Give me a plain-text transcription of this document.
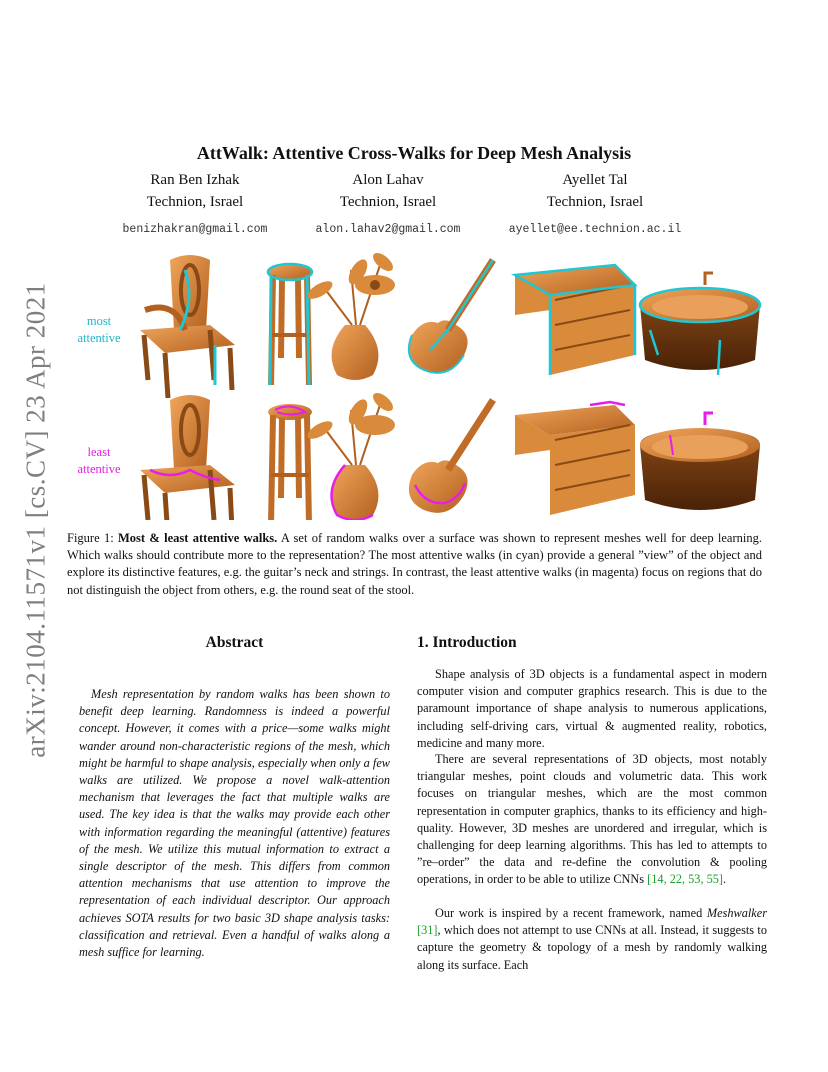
arXiv:2104.11571v1 [cs.CV] 23 Apr 2021
AttWalk: Attentive Cross-Walks for Deep Mesh Analysis
Ran Ben Izhak
Technion, Israel
benizhakran@gmail.com
Alon Lahav
Technion, Israel
alon.lahav2@gmail.com
Ayellet Tal
Technion, Israel
ayellet@ee.technion.ac.il
most
attentive
least
attentive
Figure 1: Most & least attentive walks. A set of random walks over a surface was shown to represent meshes well for deep learning. Which walks should contribute more to the representation? The most attentive walks (in cyan) provide a general ”view” of the object and explore its distinctive features, e.g. the guitar’s neck and strings. In contrast, the least attentive walks (in magenta) focus on regions that do not distinguish the object from others, e.g. the round seat of the stool.
Abstract
Mesh representation by random walks has been shown to benefit deep learning. Randomness is indeed a powerful concept. However, it comes with a price—some walks might wander around non-characteristic regions of the mesh, which might be harmful to shape analysis, especially when only a few walks are utilized. We propose a novel walk-attention mechanism that leverages the fact that multiple walks are used. The key idea is that the walks may provide each other with information regarding the meaningful (attentive) features of the mesh. We utilize this mutual information to extract a single descriptor of the mesh. This differs from common attention mechanisms that use attention to improve the representation of each individual descriptor. Our approach achieves SOTA results for two basic 3D shape analysis tasks: classification and retrieval. Even a handful of walks along a mesh suffice for learning.
1. Introduction
Shape analysis of 3D objects is a fundamental aspect in modern computer vision and computer graphics research. This is due to the paramount importance of shape analysis to numerous applications, including self-driving cars, virtual & augmented reality, robotics, medicine and many more.
There are several representations of 3D objects, most notably triangular meshes, point clouds and volumetric data. This work focuses on triangular meshes, which are the most common representation in computer graphics, thanks to its efficiency and high-quality. However, 3D meshes are unordered and irregular, which is challenging for deep learning algorithms. This has led to attempts to ”re–order” the data and re-define the convolution & pooling operations, in order to be able to utilize CNNs [14, 22, 53, 55].
Our work is inspired by a recent framework, named Meshwalker [31], which does not attempt to use CNNs at all. Instead, it suggests to capture the geometry & topology of a mesh by randomly walking along its surface. Each
